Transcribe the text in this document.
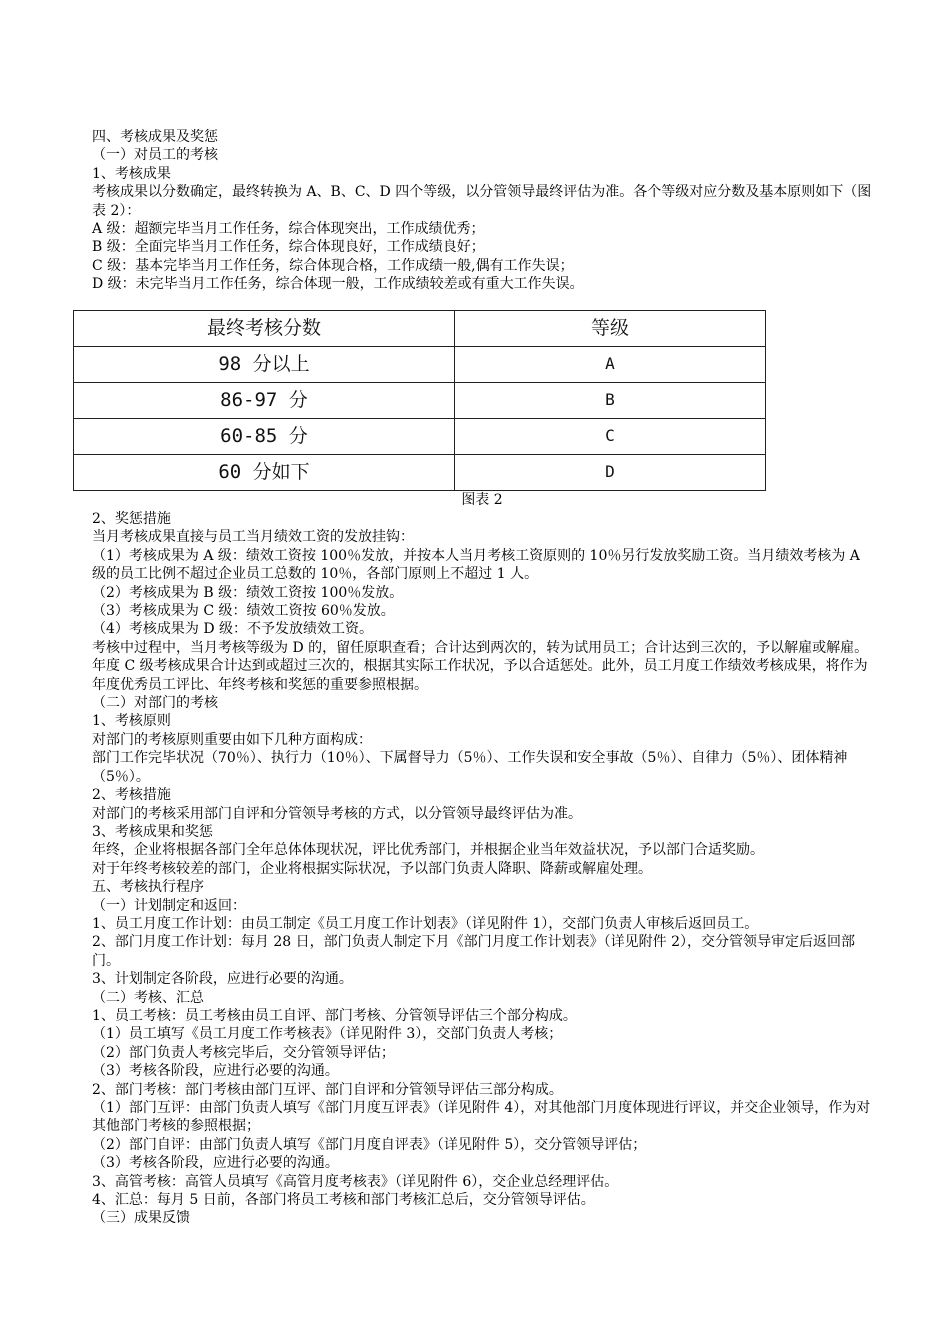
四、考核成果及奖惩
（一）对员工的考核
1、考核成果
考核成果以分数确定，最终转换为 A、B、C、D 四个等级，以分管领导最终评估为准。各个等级对应分数及基本原则如下（图表 2）：
A 级：超额完毕当月工作任务，综合体现突出，工作成绩优秀；
B 级：全面完毕当月工作任务，综合体现良好，工作成绩良好；
C 级：基本完毕当月工作任务，综合体现合格，工作成绩一般,偶有工作失误；
D 级：未完毕当月工作任务，综合体现一般，工作成绩较差或有重大工作失误。
最终考核分数	等级
98 分以上	A
86-97 分	B
60-85 分	C
60 分如下	D
图表 2
2、奖惩措施
当月考核成果直接与员工当月绩效工资的发放挂钩：
（1）考核成果为 A 级：绩效工资按 100％发放，并按本人当月考核工资原则的 10％另行发放奖励工资。当月绩效考核为 A 级的员工比例不超过企业员工总数的 10％，各部门原则上不超过 1 人。
（2）考核成果为 B 级：绩效工资按 100％发放。
（3）考核成果为 C 级：绩效工资按 60％发放。
（4）考核成果为 D 级：不予发放绩效工资。
考核中过程中，当月考核等级为 D 的，留任原职查看；合计达到两次的，转为试用员工；合计达到三次的，予以解雇或解雇。年度 C 级考核成果合计达到或超过三次的，根据其实际工作状况，予以合适惩处。此外，员工月度工作绩效考核成果，将作为年度优秀员工评比、年终考核和奖惩的重要参照根据。
（二）对部门的考核
1、考核原则
对部门的考核原则重要由如下几种方面构成：
部门工作完毕状况（70％）、执行力（10％）、下属督导力（5％）、工作失误和安全事故（5％）、自律力（5％）、团体精神（5％）。
2、考核措施
对部门的考核采用部门自评和分管领导考核的方式，以分管领导最终评估为准。
3、考核成果和奖惩
年终，企业将根据各部门全年总体体现状况，评比优秀部门，并根据企业当年效益状况，予以部门合适奖励。
对于年终考核较差的部门，企业将根据实际状况，予以部门负责人降职、降薪或解雇处理。
五、考核执行程序
（一）计划制定和返回：
1、员工月度工作计划：由员工制定《员工月度工作计划表》（详见附件 1），交部门负责人审核后返回员工。
2、部门月度工作计划：每月 28 日，部门负责人制定下月《部门月度工作计划表》（详见附件 2），交分管领导审定后返回部门。
3、计划制定各阶段，应进行必要的沟通。
（二）考核、汇总
1、员工考核：员工考核由员工自评、部门考核、分管领导评估三个部分构成。
（1）员工填写《员工月度工作考核表》（详见附件 3），交部门负责人考核；
（2）部门负责人考核完毕后，交分管领导评估；
（3）考核各阶段，应进行必要的沟通。
2、部门考核：部门考核由部门互评、部门自评和分管领导评估三部分构成。
（1）部门互评：由部门负责人填写《部门月度互评表》（详见附件 4），对其他部门月度体现进行评议，并交企业领导，作为对其他部门考核的参照根据；
（2）部门自评：由部门负责人填写《部门月度自评表》（详见附件 5），交分管领导评估；
（3）考核各阶段，应进行必要的沟通。
3、高管考核：高管人员填写《高管月度考核表》（详见附件 6），交企业总经理评估。
4、汇总：每月 5 日前，各部门将员工考核和部门考核汇总后，交分管领导评估。
（三）成果反馈
